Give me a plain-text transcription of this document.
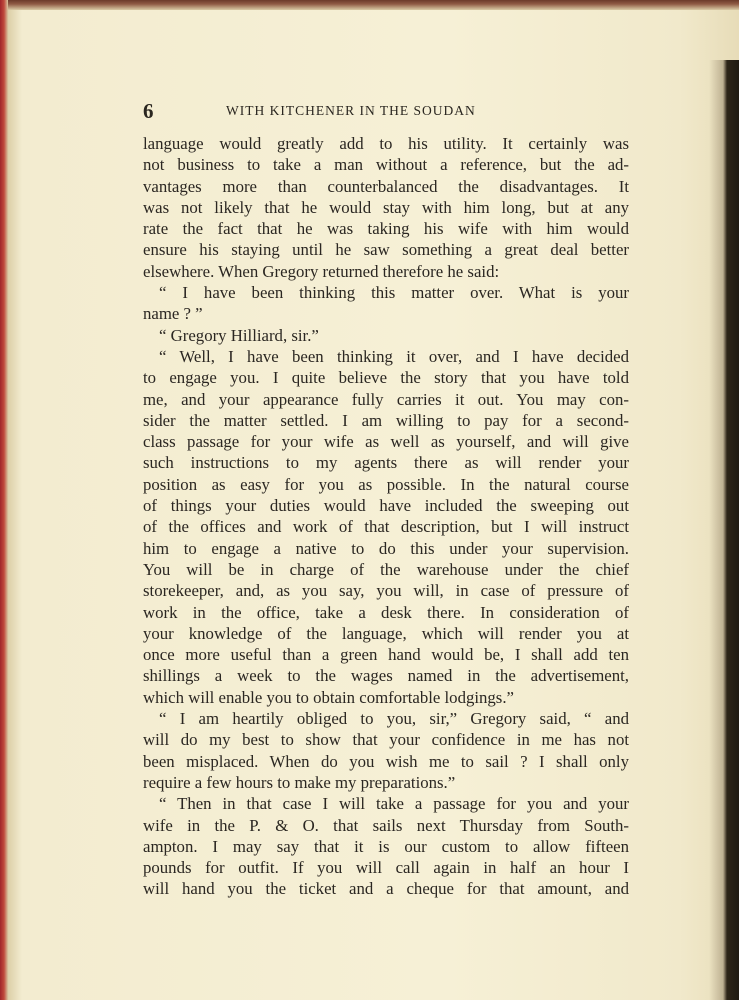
6	WITH KITCHENER IN THE SOUDAN
language would greatly add to his utility. It certainly was
not business to take a man without a reference, but the ad-
vantages more than counterbalanced the disadvantages. It
was not likely that he would stay with him long, but at any
rate the fact that he was taking his wife with him would
ensure his staying until he saw something a great deal better
elsewhere. When Gregory returned therefore he said:
“ I have been thinking this matter over. What is your
name ? ”
“ Gregory Hilliard, sir.”
“ Well, I have been thinking it over, and I have decided
to engage you. I quite believe the story that you have told
me, and your appearance fully carries it out. You may con-
sider the matter settled. I am willing to pay for a second-
class passage for your wife as well as yourself, and will give
such instructions to my agents there as will render your
position as easy for you as possible. In the natural course
of things your duties would have included the sweeping out
of the offices and work of that description, but I will instruct
him to engage a native to do this under your supervision.
You will be in charge of the warehouse under the chief
storekeeper, and, as you say, you will, in case of pressure of
work in the office, take a desk there. In consideration of
your knowledge of the language, which will render you at
once more useful than a green hand would be, I shall add ten
shillings a week to the wages named in the advertisement,
which will enable you to obtain comfortable lodgings.”
“ I am heartily obliged to you, sir,” Gregory said, “ and
will do my best to show that your confidence in me has not
been misplaced. When do you wish me to sail ? I shall only
require a few hours to make my preparations.”
“ Then in that case I will take a passage for you and your
wife in the P. & O. that sails next Thursday from South-
ampton. I may say that it is our custom to allow fifteen
pounds for outfit. If you will call again in half an hour I
will hand you the ticket and a cheque for that amount, and
